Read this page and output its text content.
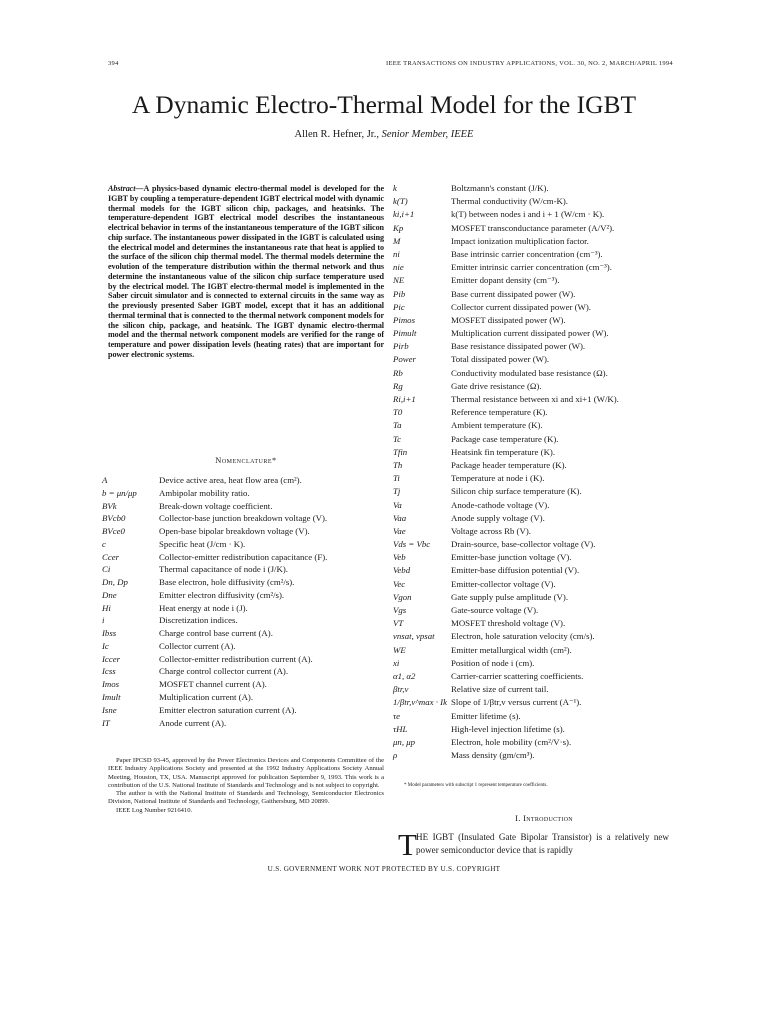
394	IEEE TRANSACTIONS ON INDUSTRY APPLICATIONS, VOL. 30, NO. 2, MARCH/APRIL 1994
A Dynamic Electro-Thermal Model for the IGBT
Allen R. Hefner, Jr., Senior Member, IEEE
Abstract—A physics-based dynamic electro-thermal model is developed for the IGBT by coupling a temperature-dependent IGBT electrical model with dynamic thermal models for the IGBT silicon chip, packages, and heatsinks. The temperature-dependent IGBT electrical model describes the instantaneous electrical behavior in terms of the instantaneous temperature of the IGBT silicon chip surface. The instantaneous power dissipated in the IGBT is calculated using the electrical model and determines the instantaneous rate that heat is applied to the surface of the silicon chip thermal model. The thermal models determine the evolution of the temperature distribution within the thermal network and thus determine the instantaneous value of the silicon chip surface temperature used by the electrical model. The IGBT electro-thermal model is implemented in the Saber circuit simulator and is connected to external circuits in the same way as the previously presented Saber IGBT model, except that it has an additional thermal terminal that is connected to the thermal network component models for the silicon chip, package, and heatsink. The IGBT dynamic electro-thermal model and the thermal network component models are verified for the range of temperature and power dissipation levels (heating rates) that are important for power electronic systems.
Nomenclature*
A	Device active area, heat flow area (cm²).
b = μn/μp	Ambipolar mobility ratio.
BVk	Break-down voltage coefficient.
BVcb0	Collector-base junction breakdown voltage (V).
BVce0	Open-base bipolar breakdown voltage (V).
c	Specific heat (J/cm · K).
Ccer	Collector-emitter redistribution capacitance (F).
Ci	Thermal capacitance of node i (J/K).
Dn, Dp	Base electron, hole diffusivity (cm²/s).
Dne	Emitter electron diffusivity (cm²/s).
Hi	Heat energy at node i (J).
i	Discretization indices.
Ibss	Charge control base current (A).
Ic	Collector current (A).
Iccer	Collector-emitter redistribution current (A).
Icss	Charge control collector current (A).
Imos	MOSFET channel current (A).
Imult	Multiplication current (A).
Isne	Emitter electron saturation current (A).
IT	Anode current (A).
k	Boltzmann's constant (J/K).
k(T)	Thermal conductivity (W/cm-K).
ki,i+1	k(T) between nodes i and i + 1 (W/cm · K).
Kp	MOSFET transconductance parameter (A/V²).
M	Impact ionization multiplication factor.
ni	Base intrinsic carrier concentration (cm⁻³).
nie	Emitter intrinsic carrier concentration (cm⁻³).
NE	Emitter dopant density (cm⁻³).
Pib	Base current dissipated power (W).
Pic	Collector current dissipated power (W).
Pimos	MOSFET dissipated power (W).
Pimult	Multiplication current dissipated power (W).
Pirb	Base resistance dissipated power (W).
Power	Total dissipated power (W).
Rb	Conductivity modulated base resistance (Ω).
Rg	Gate drive resistance (Ω).
Ri,i+1	Thermal resistance between xi and xi+1 (W/K).
T0	Reference temperature (K).
Ta	Ambient temperature (K).
Tc	Package case temperature (K).
Tfin	Heatsink fin temperature (K).
Th	Package header temperature (K).
Ti	Temperature at node i (K).
Tj	Silicon chip surface temperature (K).
Va	Anode-cathode voltage (V).
Vaa	Anode supply voltage (V).
Vae	Voltage across Rb (V).
Vds = Vbc Drain-source, base-collector voltage (V).
Veb	Emitter-base junction voltage (V).
Vebd	Emitter-base diffusion potential (V).
Vec	Emitter-collector voltage (V).
Vgon	Gate supply pulse amplitude (V).
Vgs	Gate-source voltage (V).
VT	MOSFET threshold voltage (V).
vnsat, vpsat Electron, hole saturation velocity (cm/s).
WE	Emitter metallurgical width (cm²).
xi	Position of node i (cm).
α1, α2	Carrier-carrier scattering coefficients.
βtr,v	Relative size of current tail.
1/βtr,v^max · Ik Slope of 1/βtr,v versus current (A⁻¹).
τe	Emitter lifetime (s).
τHL	High-level injection lifetime (s).
μn, μp	Electron, hole mobility (cm²/V·s).
ρ	Mass density (gm/cm³).
* Model parameters with subscript 1 represent temperature coefficients.

Paper IPCSD 93-45, approved by the Power Electronics Devices and Components Committee of the IEEE Industry Applications Society and presented at the 1992 Industry Applications Society Annual Meeting, Houston, TX, USA. Manuscript approved for publication September 9, 1993. This work is a contribution of the U.S. National Institute of Standards and Technology and is not subject to copyright.

The author is with the National Institute of Standards and Technology, Semiconductor Electronics Division, National Institute of Standards and Technology, Gaithersburg, MD 20899.

IEEE Log Number 9216410.

I. Introduction
T HE IGBT (Insulated Gate Bipolar Transistor) is a relatively new power semiconductor device that is rapidly
U.S. GOVERNMENT WORK NOT PROTECTED BY U.S. COPYRIGHT
